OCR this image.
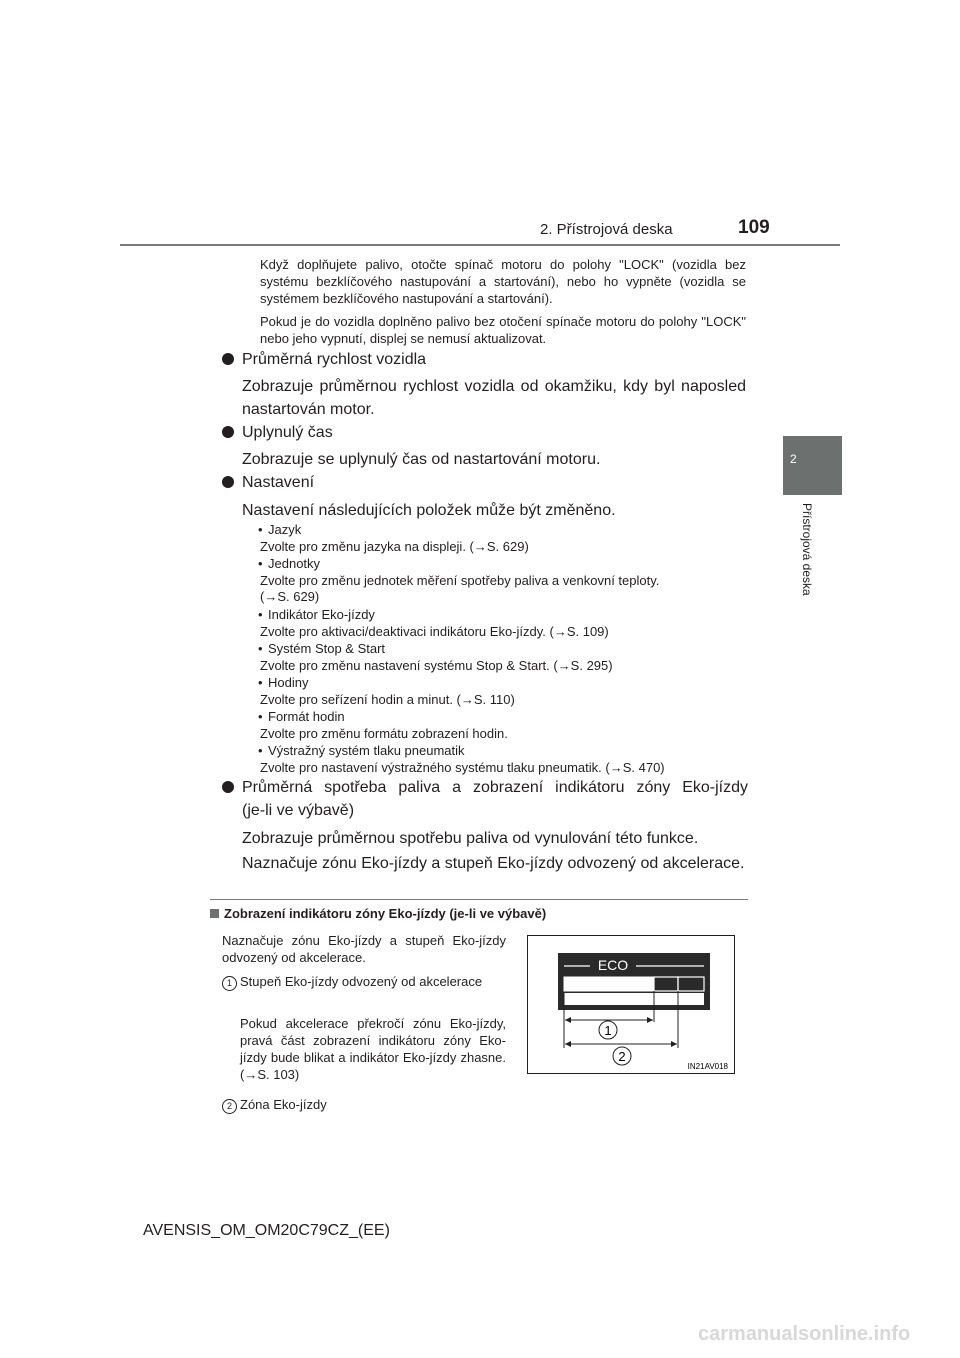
2. Přístrojová deska	109
2
Přístrojová deska
Když doplňujete palivo, otočte spínač motoru do polohy "LOCK" (vozidla bez systému bezklíčového nastupování a startování), nebo ho vypněte (vozidla se systémem bezklíčového nastupování a startování).
Pokud je do vozidla doplněno palivo bez otočení spínače motoru do polohy "LOCK" nebo jeho vypnutí, displej se nemusí aktualizovat.
Průměrná rychlost vozidla
Zobrazuje průměrnou rychlost vozidla od okamžiku, kdy byl naposled nastartován motor.
Uplynulý čas
Zobrazuje se uplynulý čas od nastartování motoru.
Nastavení
Nastavení následujících položek může být změněno.
• Jazyk
Zvolte pro změnu jazyka na displeji. (→S. 629)
• Jednotky
Zvolte pro změnu jednotek měření spotřeby paliva a venkovní teploty.
(→S. 629)
• Indikátor Eko-jízdy
Zvolte pro aktivaci/deaktivaci indikátoru Eko-jízdy. (→S. 109)
• Systém Stop & Start
Zvolte pro změnu nastavení systému Stop & Start. (→S. 295)
• Hodiny
Zvolte pro seřízení hodin a minut. (→S. 110)
• Formát hodin
Zvolte pro změnu formátu zobrazení hodin.
• Výstražný systém tlaku pneumatik
Zvolte pro nastavení výstražného systému tlaku pneumatik. (→S. 470)
Průměrná spotřeba paliva a zobrazení indikátoru zóny Eko-jízdy
(je-li ve výbavě)
Zobrazuje průměrnou spotřebu paliva od vynulování této funkce.
Naznačuje zónu Eko-jízdy a stupeň Eko-jízdy odvozený od akcelerace.
Zobrazení indikátoru zóny Eko-jízdy (je-li ve výbavě)
Naznačuje zónu Eko-jízdy a stupeň Eko-jízdy odvozený od akcelerace.
1 Stupeň Eko-jízdy odvozený od akcelerace
Pokud akcelerace překročí zónu Eko-jízdy, pravá část zobrazení indikátoru zóny Eko-jízdy bude blikat a indikátor Eko-jízdy zhasne. (→S. 103)
2 Zóna Eko-jízdy
ECO
1
2
IN21AV018
AVENSIS_OM_OM20C79CZ_(EE)
carmanualsonline.info
